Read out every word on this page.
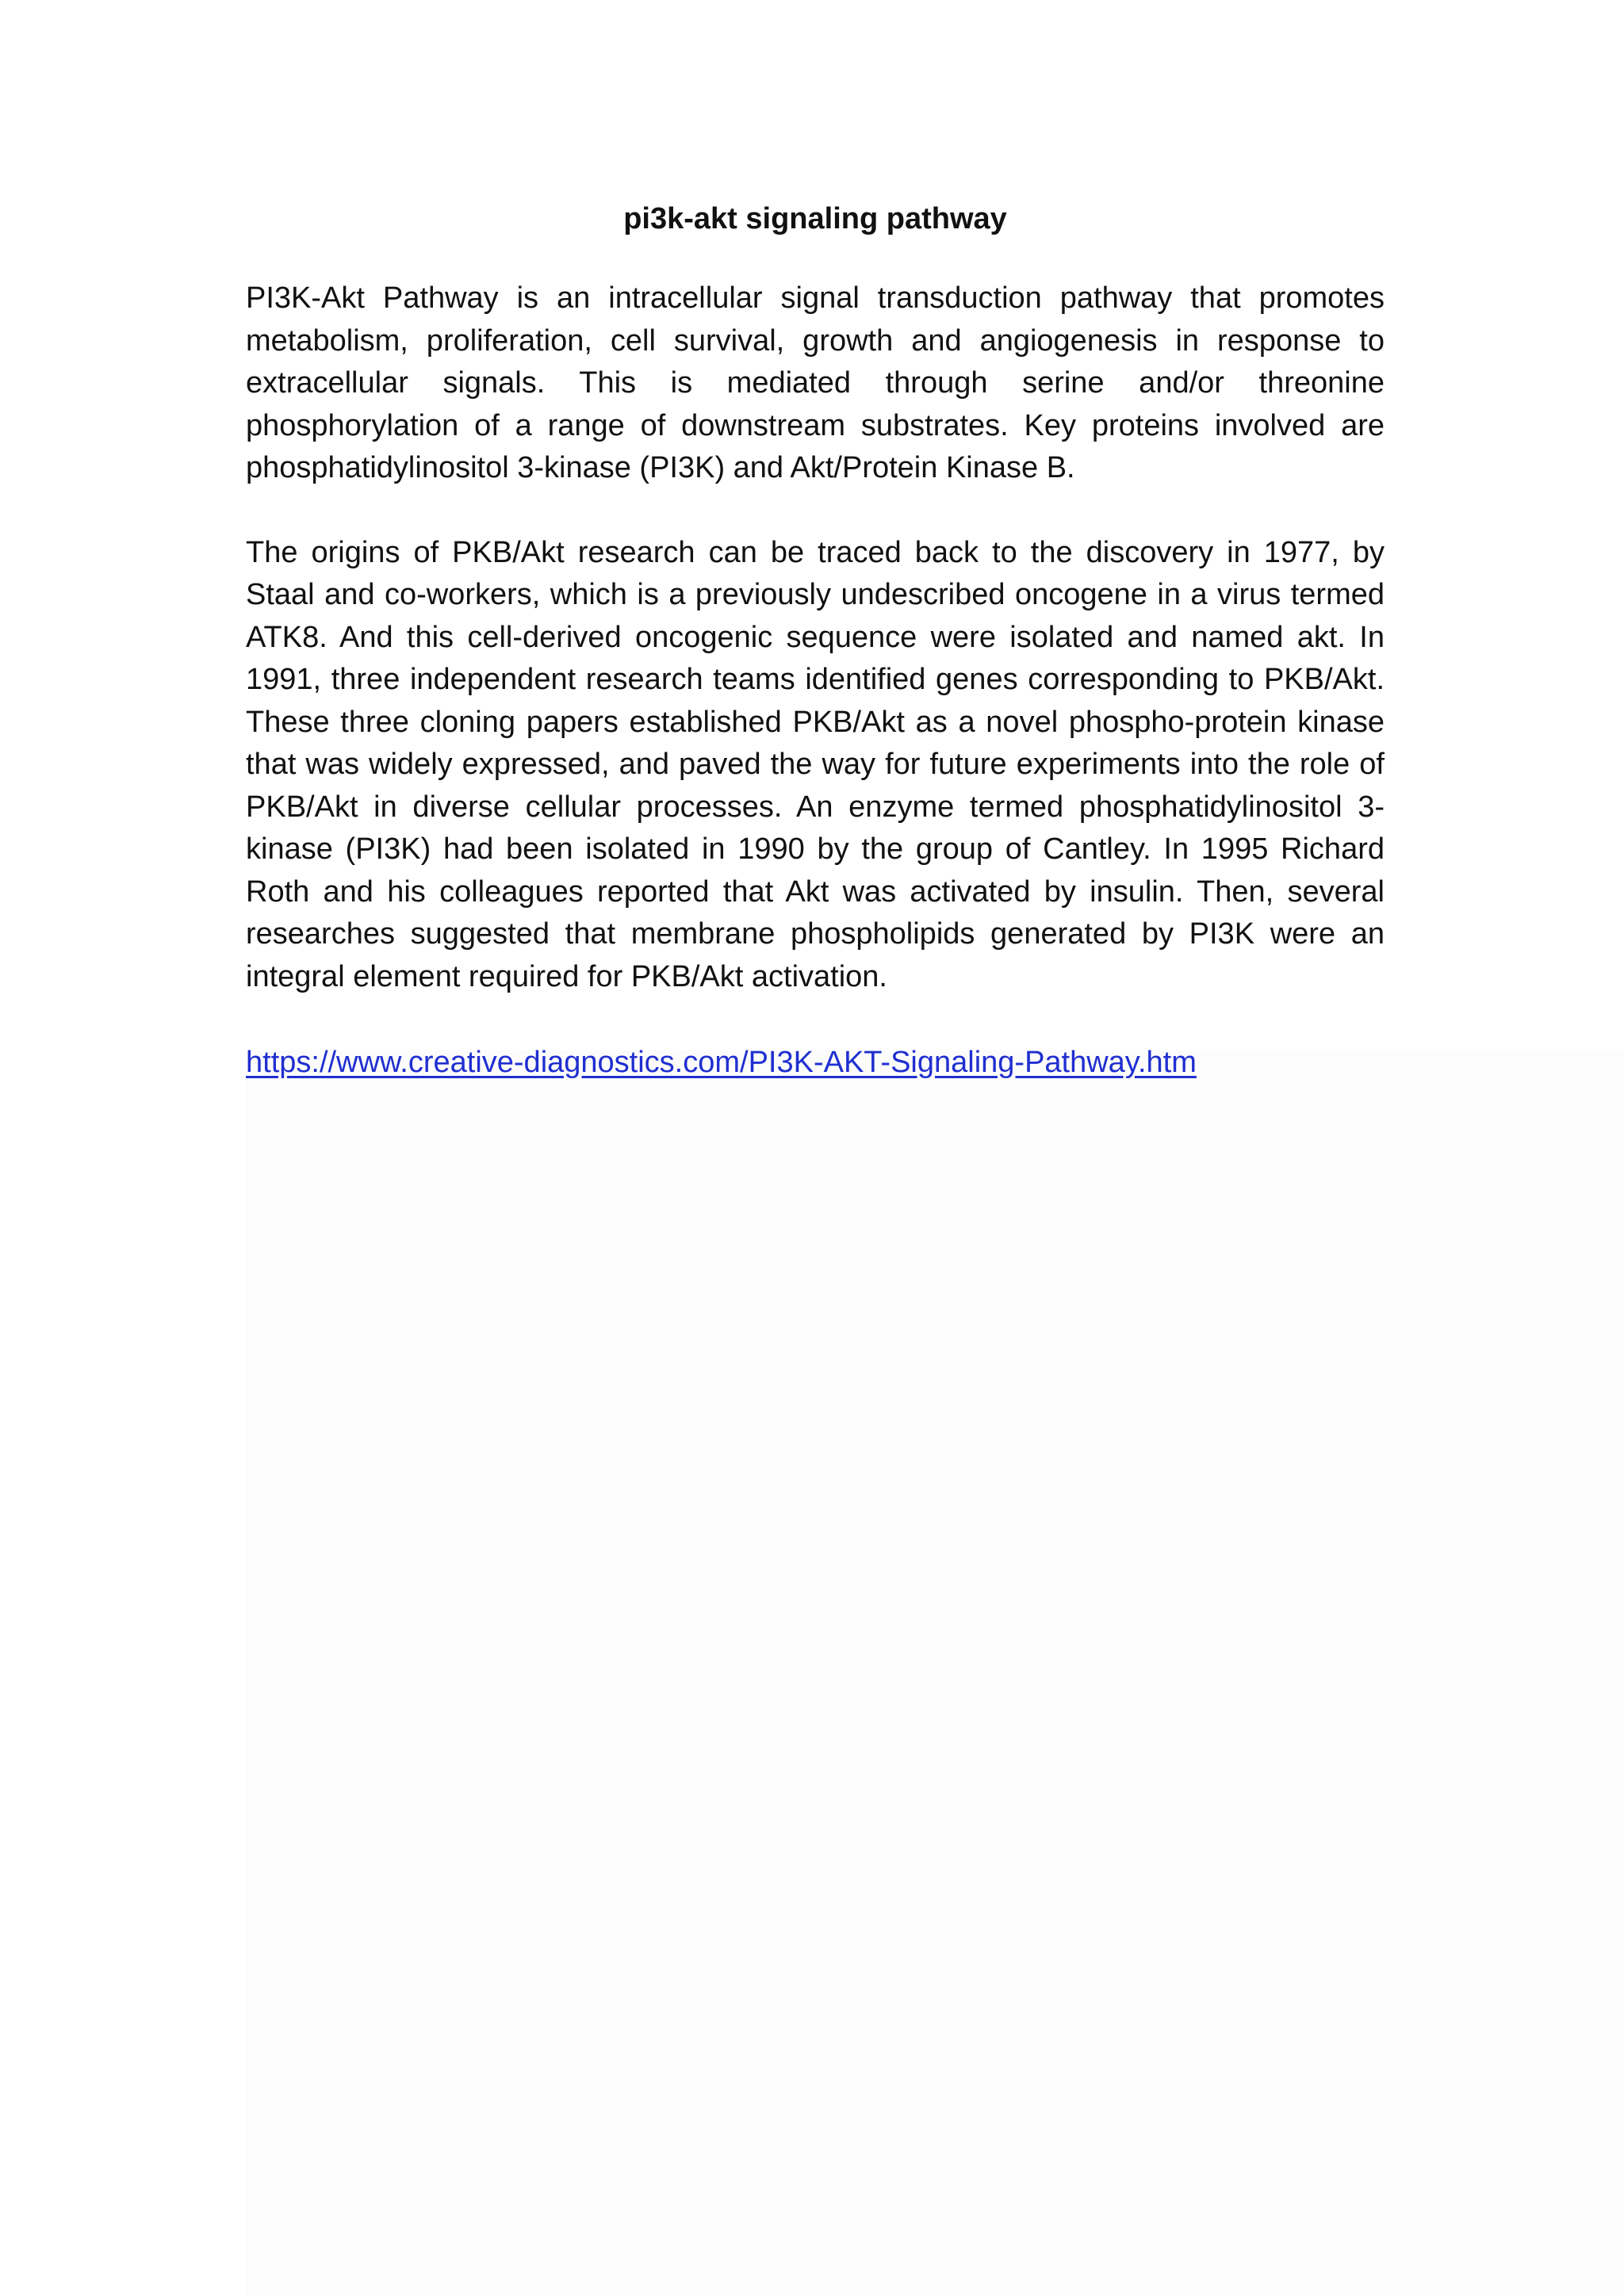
pi3k-akt signaling pathway

PI3K-Akt Pathway is an intracellular signal transduction pathway that promotes metabolism, proliferation, cell survival, growth and angiogenesis in response to extracellular signals. This is mediated through serine and/or threonine phosphorylation of a range of downstream substrates. Key proteins involved are phosphatidylinositol 3-kinase (PI3K) and Akt/Protein Kinase B.

The origins of PKB/Akt research can be traced back to the discovery in 1977, by Staal and co-workers, which is a previously undescribed oncogene in a virus termed ATK8. And this cell-derived oncogenic sequence were isolated and named akt. In 1991, three independent research teams identified genes corresponding to PKB/Akt. These three cloning papers established PKB/Akt as a novel phospho-protein kinase that was widely expressed, and paved the way for future experiments into the role of PKB/Akt in diverse cellular processes. An enzyme termed phosphatidylinositol 3-kinase (PI3K) had been isolated in 1990 by the group of Cantley. In 1995 Richard Roth and his colleagues reported that Akt was activated by insulin. Then, several researches suggested that membrane phospholipids generated by PI3K were an integral element required for PKB/Akt activation.

https://www.creative-diagnostics.com/PI3K-AKT-Signaling-Pathway.htm
